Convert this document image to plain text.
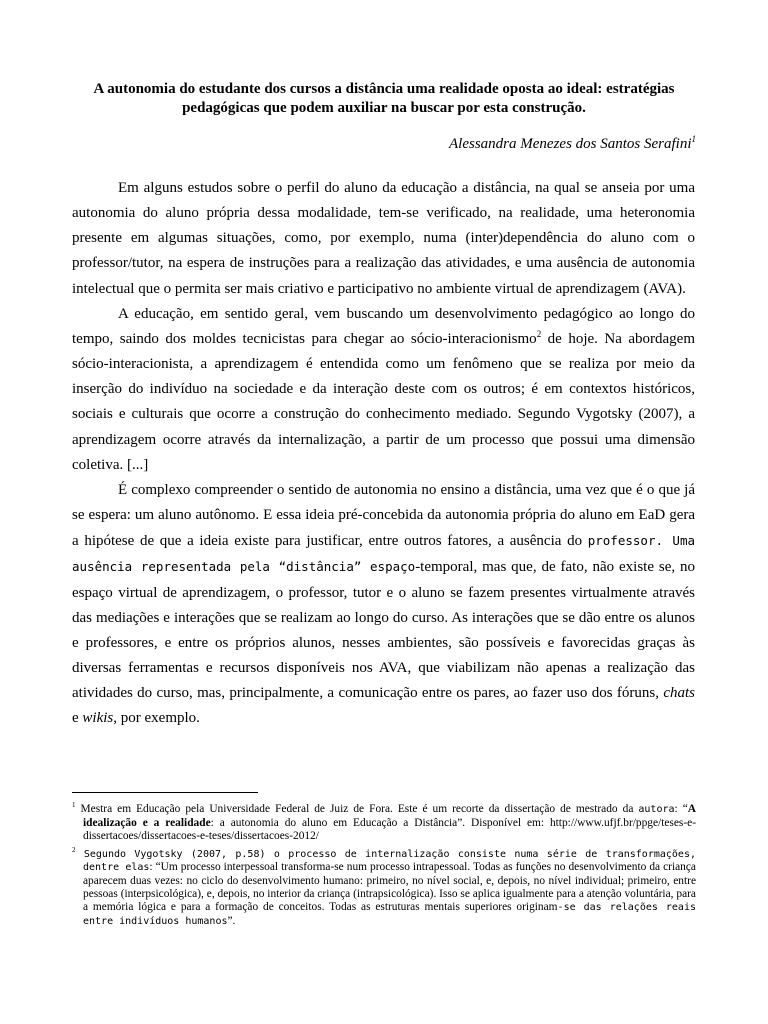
A autonomia do estudante dos cursos a distância uma realidade oposta ao ideal: estratégias pedagógicas que podem auxiliar na buscar por esta construção.

Alessandra Menezes dos Santos Serafini$^1$

Em alguns estudos sobre o perfil do aluno da educação a distância, na qual se anseia por uma autonomia do aluno própria dessa modalidade, tem-se verificado, na realidade, uma heteronomia presente em algumas situações, como, por exemplo, numa (inter)dependência do aluno com o professor/tutor, na espera de instruções para a realização das atividades, e uma ausência de autonomia intelectual que o permita ser mais criativo e participativo no ambiente virtual de aprendizagem (AVA).

A educação, em sentido geral, vem buscando um desenvolvimento pedagógico ao longo do tempo, saindo dos moldes tecnicistas para chegar ao sócio-interacionismo$^2$ de hoje. Na abordagem sócio-interacionista, a aprendizagem é entendida como um fenômeno que se realiza por meio da inserção do indivíduo na sociedade e da interação deste com os outros; é em contextos históricos, sociais e culturais que ocorre a construção do conhecimento mediado. Segundo Vygotsky (2007), a aprendizagem ocorre através da internalização, a partir de um processo que possui uma dimensão coletiva. [...]

É complexo compreender o sentido de autonomia no ensino a distância, uma vez que é o que já se espera: um aluno autônomo. E essa ideia pré-concebida da autonomia própria do aluno em EaD gera a hipótese de que a ideia existe para justificar, entre outros fatores, a ausência do professor. Uma ausência representada pela “distância” espaço-temporal, mas que, de fato, não existe se, no espaço virtual de aprendizagem, o professor, tutor e o aluno se fazem presentes virtualmente através das mediações e interações que se realizam ao longo do curso. As interações que se dão entre os alunos e professores, e entre os próprios alunos, nesses ambientes, são possíveis e favorecidas graças às diversas ferramentas e recursos disponíveis nos AVA, que viabilizam não apenas a realização das atividades do curso, mas, principalmente, a comunicação entre os pares, ao fazer uso dos fóruns, chats e wikis, por exemplo.

$^1$ Mestra em Educação pela Universidade Federal de Juiz de Fora. Este é um recorte da dissertação de mestrado da autora: “A idealização e a realidade: a autonomia do aluno em Educação a Distância”. Disponível em: http://www.ufjf.br/ppge/teses-e-dissertacoes/dissertacoes-e-teses/dissertacoes-2012/

$^2$ Segundo Vygotsky (2007, p.58) o processo de internalização consiste numa série de transformações, dentre elas: “Um processo interpessoal transforma-se num processo intrapessoal. Todas as funções no desenvolvimento da criança aparecem duas vezes: no ciclo do desenvolvimento humano: primeiro, no nível social, e, depois, no nível individual; primeiro, entre pessoas (interpsicológica), e, depois, no interior da criança (intrapsicológica). Isso se aplica igualmente para a atenção voluntária, para a memória lógica e para a formação de conceitos. Todas as estruturas mentais superiores originam-se das relações reais entre indivíduos humanos”.
